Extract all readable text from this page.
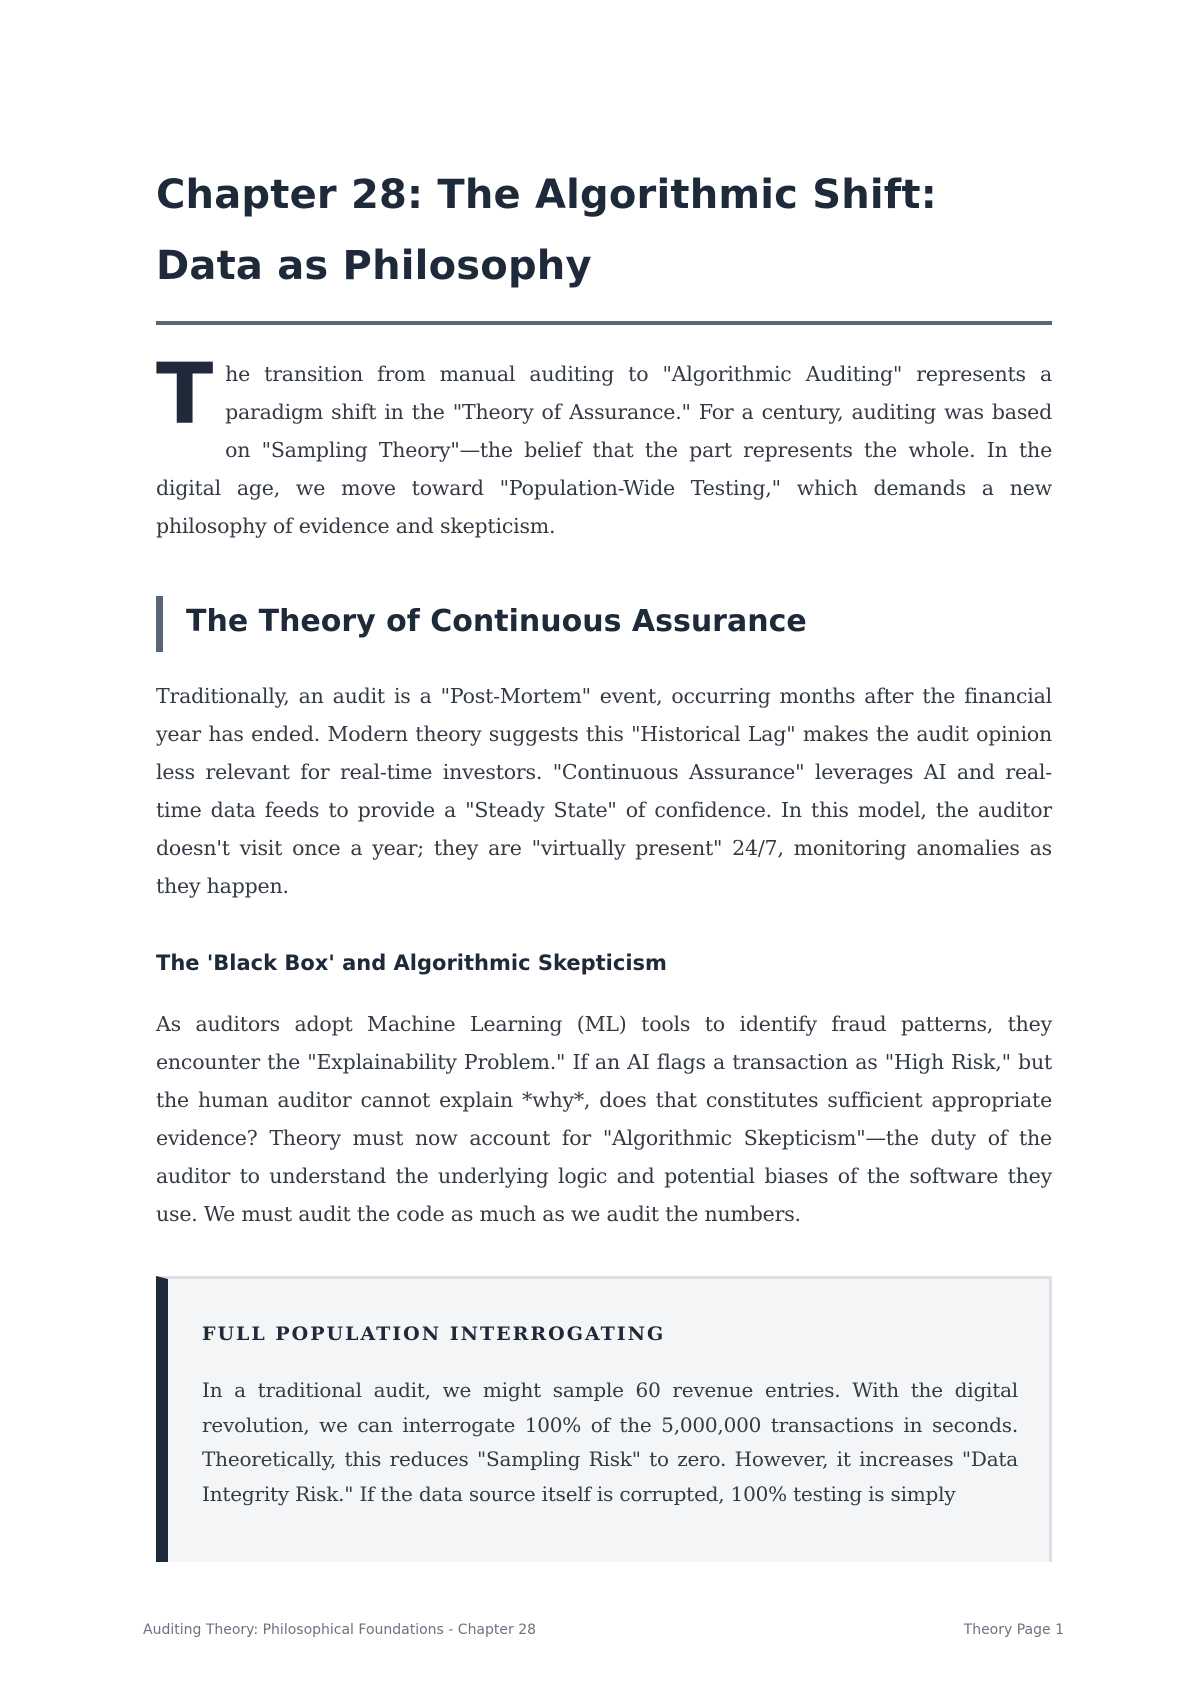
Chapter 28: The Algorithmic Shift: Data as Philosophy

The transition from manual auditing to "Algorithmic Auditing" represents a paradigm shift in the "Theory of Assurance." For a century, auditing was based on "Sampling Theory"—the belief that the part represents the whole. In the digital age, we move toward "Population-Wide Testing," which demands a new philosophy of evidence and skepticism.

The Theory of Continuous Assurance

Traditionally, an audit is a "Post-Mortem" event, occurring months after the financial year has ended. Modern theory suggests this "Historical Lag" makes the audit opinion less relevant for real-time investors. "Continuous Assurance" leverages AI and real-time data feeds to provide a "Steady State" of confidence. In this model, the auditor doesn't visit once a year; they are "virtually present" 24/7, monitoring anomalies as they happen.

The 'Black Box' and Algorithmic Skepticism

As auditors adopt Machine Learning (ML) tools to identify fraud patterns, they encounter the "Explainability Problem." If an AI flags a transaction as "High Risk," but the human auditor cannot explain *why*, does that constitutes sufficient appropriate evidence? Theory must now account for "Algorithmic Skepticism"—the duty of the auditor to understand the underlying logic and potential biases of the software they use. We must audit the code as much as we audit the numbers.

FULL POPULATION INTERROGATING

In a traditional audit, we might sample 60 revenue entries. With the digital revolution, we can interrogate 100% of the 5,000,000 transactions in seconds. Theoretically, this reduces "Sampling Risk" to zero. However, it increases "Data Integrity Risk." If the data source itself is corrupted, 100% testing is simply

Auditing Theory: Philosophical Foundations - Chapter 28	Theory Page 1
